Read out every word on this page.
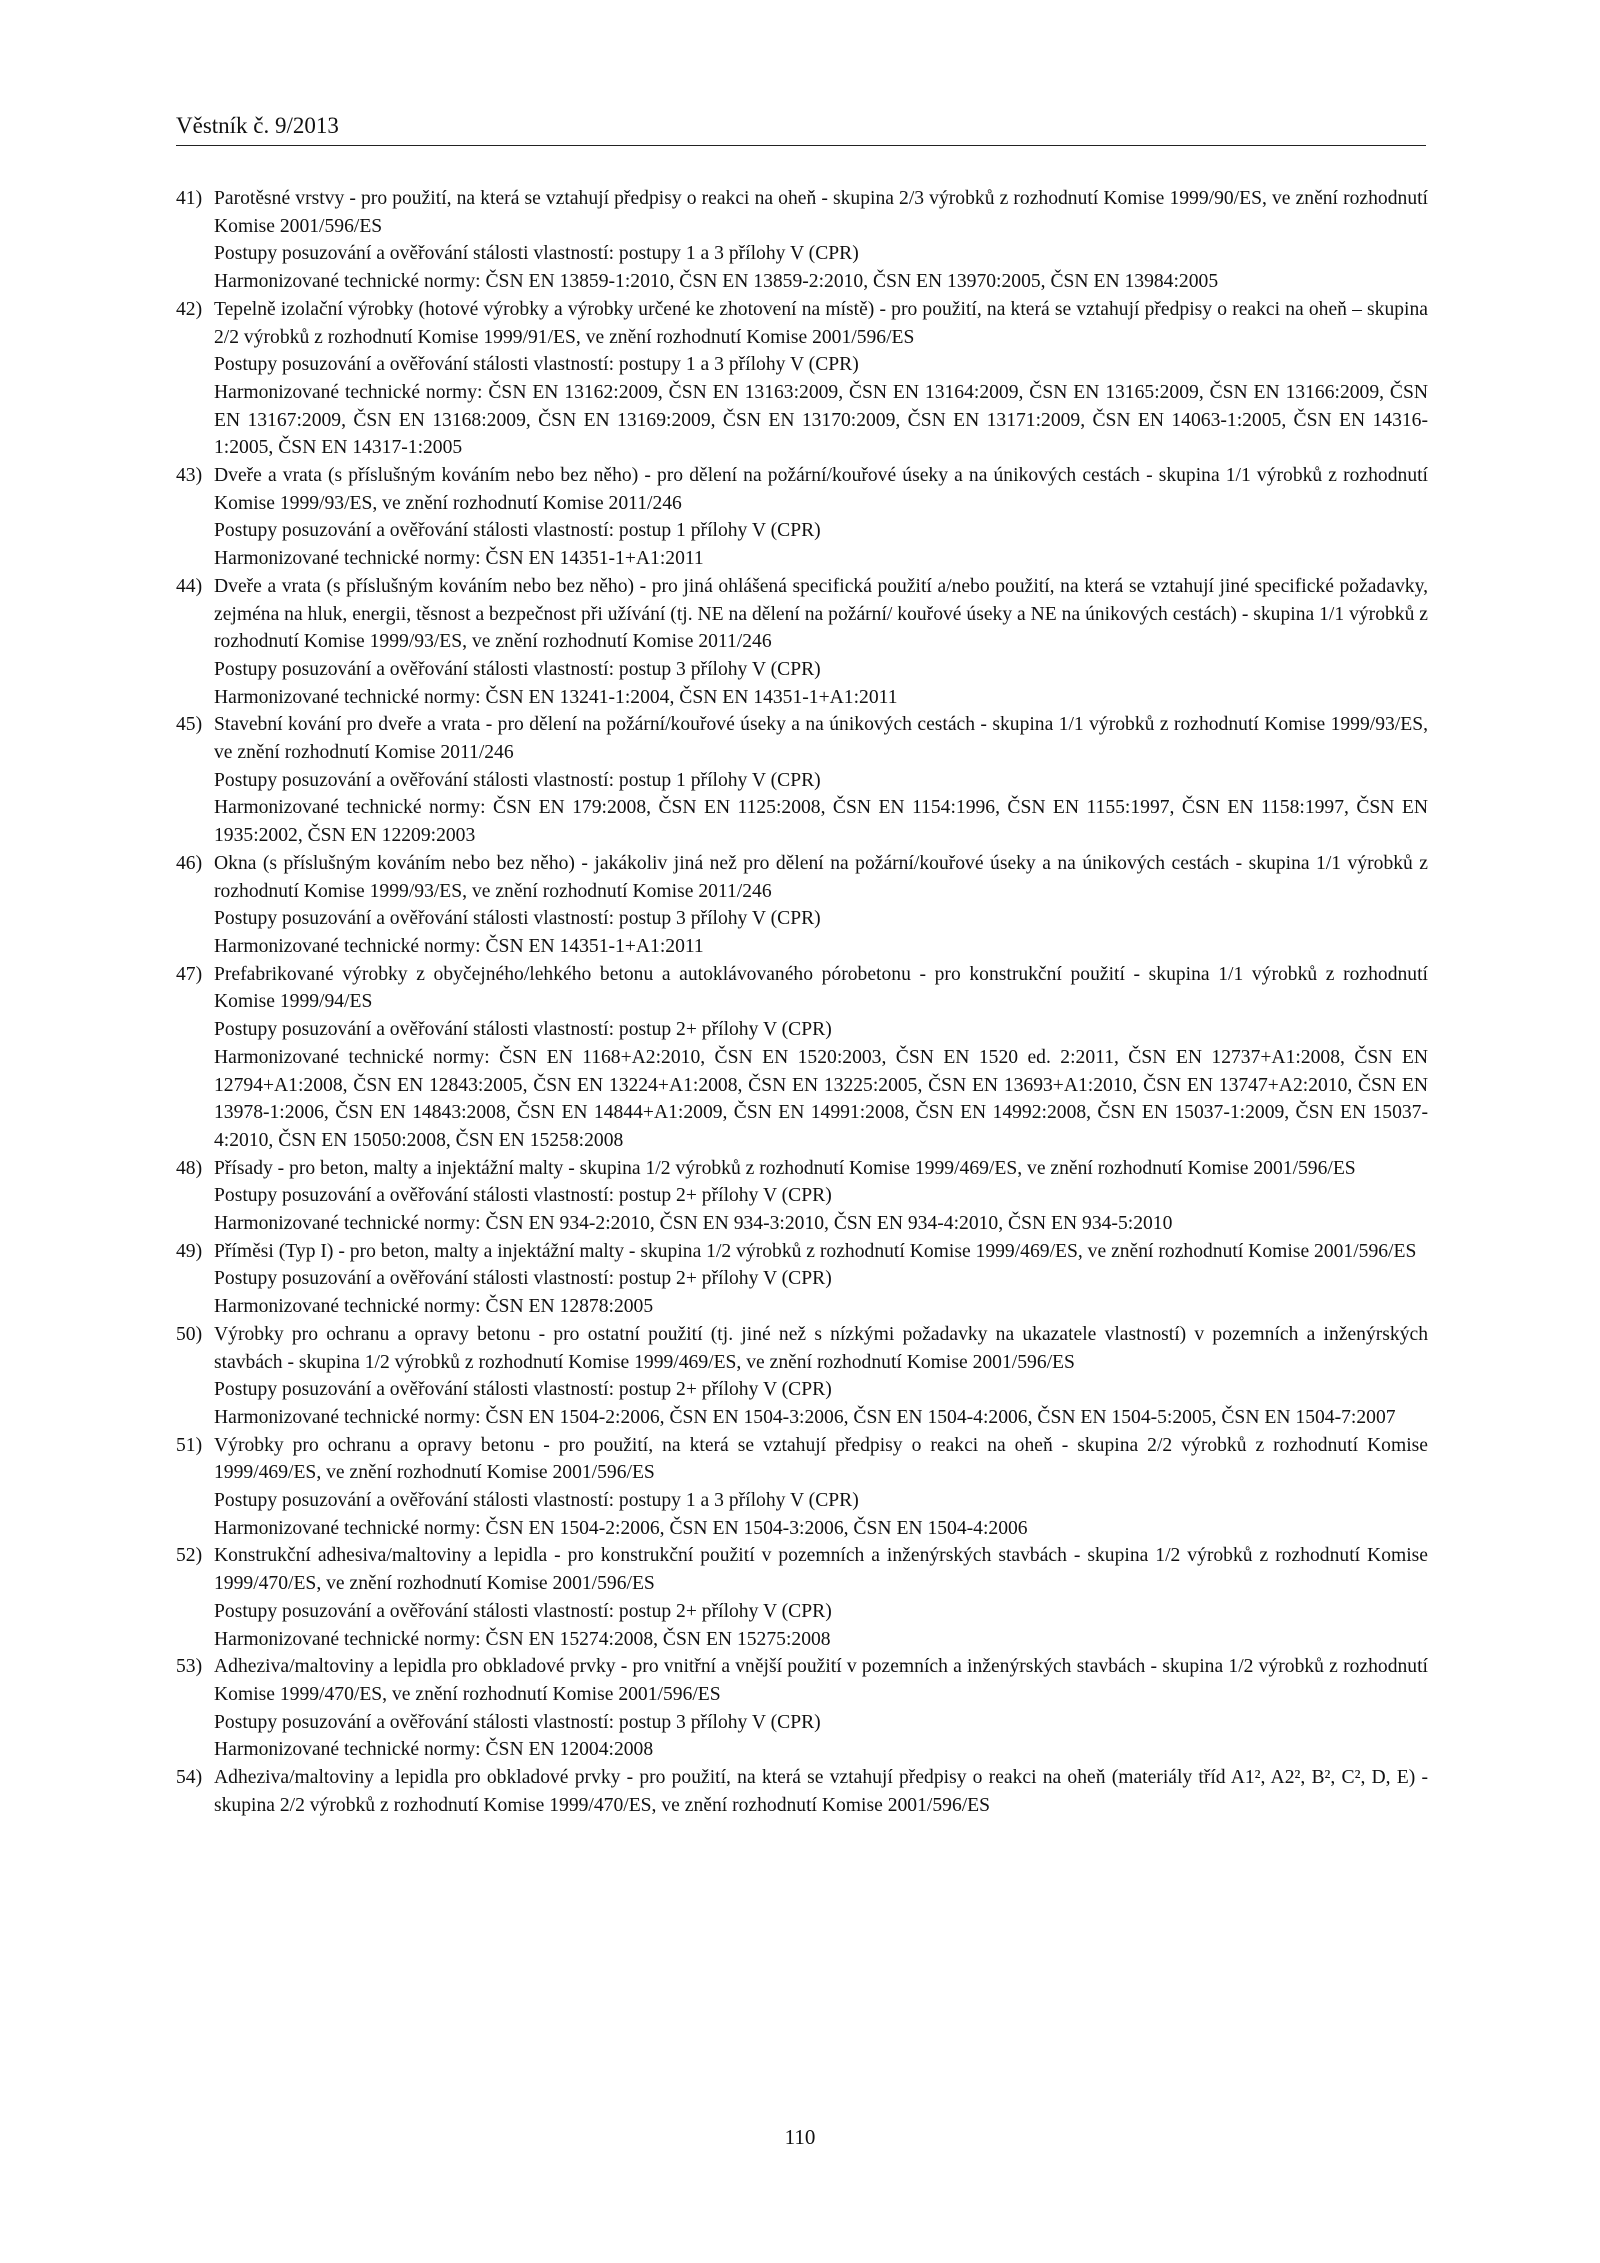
Věstník č. 9/2013
41) Parotěsné vrstvy - pro použití, na která se vztahují předpisy o reakci na oheň - skupina 2/3 výrobků z rozhodnutí Komise 1999/90/ES, ve znění rozhodnutí Komise 2001/596/ES
Postupy posuzování a ověřování stálosti vlastností: postupy 1 a 3 přílohy V (CPR)
Harmonizované technické normy: ČSN EN 13859-1:2010, ČSN EN 13859-2:2010, ČSN EN 13970:2005, ČSN EN 13984:2005
42) Tepelně izolační výrobky (hotové výrobky a výrobky určené ke zhotovení na místě) - pro použití, na která se vztahují předpisy o reakci na oheň – skupina 2/2 výrobků z rozhodnutí Komise 1999/91/ES, ve znění rozhodnutí Komise 2001/596/ES
Postupy posuzování a ověřování stálosti vlastností: postupy 1 a 3 přílohy V (CPR)
Harmonizované technické normy: ČSN EN 13162:2009, ČSN EN 13163:2009, ČSN EN 13164:2009, ČSN EN 13165:2009, ČSN EN 13166:2009, ČSN EN 13167:2009, ČSN EN 13168:2009, ČSN EN 13169:2009, ČSN EN 13170:2009, ČSN EN 13171:2009, ČSN EN 14063-1:2005, ČSN EN 14316-1:2005, ČSN EN 14317-1:2005
43) Dveře a vrata (s příslušným kováním nebo bez něho) - pro dělení na požární/kouřové úseky a na únikových cestách - skupina 1/1 výrobků z rozhodnutí Komise 1999/93/ES, ve znění rozhodnutí Komise 2011/246
Postupy posuzování a ověřování stálosti vlastností: postup 1 přílohy V (CPR)
Harmonizované technické normy: ČSN EN 14351-1+A1:2011
44) Dveře a vrata (s příslušným kováním nebo bez něho) - pro jiná ohlášená specifická použití a/nebo použití, na která se vztahují jiné specifické požadavky, zejména na hluk, energii, těsnost a bezpečnost při užívání (tj. NE na dělení na požární/ kouřové úseky a NE na únikových cestách) - skupina 1/1 výrobků z rozhodnutí Komise 1999/93/ES, ve znění rozhodnutí Komise 2011/246
Postupy posuzování a ověřování stálosti vlastností: postup 3 přílohy V (CPR)
Harmonizované technické normy: ČSN EN 13241-1:2004, ČSN EN 14351-1+A1:2011
45) Stavební kování pro dveře a vrata - pro dělení na požární/kouřové úseky a na únikových cestách - skupina 1/1 výrobků z rozhodnutí Komise 1999/93/ES, ve znění rozhodnutí Komise 2011/246
Postupy posuzování a ověřování stálosti vlastností: postup 1 přílohy V (CPR)
Harmonizované technické normy: ČSN EN 179:2008, ČSN EN 1125:2008, ČSN EN 1154:1996, ČSN EN 1155:1997, ČSN EN 1158:1997, ČSN EN 1935:2002, ČSN EN 12209:2003
46) Okna (s příslušným kováním nebo bez něho) - jakákoliv jiná než pro dělení na požární/kouřové úseky a na únikových cestách - skupina 1/1 výrobků z rozhodnutí Komise 1999/93/ES, ve znění rozhodnutí Komise 2011/246
Postupy posuzování a ověřování stálosti vlastností: postup 3 přílohy V (CPR)
Harmonizované technické normy: ČSN EN 14351-1+A1:2011
47) Prefabrikované výrobky z obyčejného/lehkého betonu a autoklávovaného pórobetonu - pro konstrukční použití - skupina 1/1 výrobků z rozhodnutí Komise 1999/94/ES
Postupy posuzování a ověřování stálosti vlastností: postup 2+ přílohy V (CPR)
Harmonizované technické normy: ČSN EN 1168+A2:2010, ČSN EN 1520:2003, ČSN EN 1520 ed. 2:2011, ČSN EN 12737+A1:2008, ČSN EN 12794+A1:2008, ČSN EN 12843:2005, ČSN EN 13224+A1:2008, ČSN EN 13225:2005, ČSN EN 13693+A1:2010, ČSN EN 13747+A2:2010, ČSN EN 13978-1:2006, ČSN EN 14843:2008, ČSN EN 14844+A1:2009, ČSN EN 14991:2008, ČSN EN 14992:2008, ČSN EN 15037-1:2009, ČSN EN 15037-4:2010, ČSN EN 15050:2008, ČSN EN 15258:2008
48) Přísady - pro beton, malty a injektážní malty - skupina 1/2 výrobků z rozhodnutí Komise 1999/469/ES, ve znění rozhodnutí Komise 2001/596/ES
Postupy posuzování a ověřování stálosti vlastností: postup 2+ přílohy V (CPR)
Harmonizované technické normy: ČSN EN 934-2:2010, ČSN EN 934-3:2010, ČSN EN 934-4:2010, ČSN EN 934-5:2010
49) Příměsi (Typ I) - pro beton, malty a injektážní malty - skupina 1/2 výrobků z rozhodnutí Komise 1999/469/ES, ve znění rozhodnutí Komise 2001/596/ES
Postupy posuzování a ověřování stálosti vlastností: postup 2+ přílohy V (CPR)
Harmonizované technické normy: ČSN EN 12878:2005
50) Výrobky pro ochranu a opravy betonu - pro ostatní použití (tj. jiné než s nízkými požadavky na ukazatele vlastností) v pozemních a inženýrských stavbách - skupina 1/2 výrobků z rozhodnutí Komise 1999/469/ES, ve znění rozhodnutí Komise 2001/596/ES
Postupy posuzování a ověřování stálosti vlastností: postup 2+ přílohy V (CPR)
Harmonizované technické normy: ČSN EN 1504-2:2006, ČSN EN 1504-3:2006, ČSN EN 1504-4:2006, ČSN EN 1504-5:2005, ČSN EN 1504-7:2007
51) Výrobky pro ochranu a opravy betonu - pro použití, na která se vztahují předpisy o reakci na oheň - skupina 2/2 výrobků z rozhodnutí Komise 1999/469/ES, ve znění rozhodnutí Komise 2001/596/ES
Postupy posuzování a ověřování stálosti vlastností: postupy 1 a 3 přílohy V (CPR)
Harmonizované technické normy: ČSN EN 1504-2:2006, ČSN EN 1504-3:2006, ČSN EN 1504-4:2006
52) Konstrukční adhesiva/maltoviny a lepidla - pro konstrukční použití v pozemních a inženýrských stavbách - skupina 1/2 výrobků z rozhodnutí Komise 1999/470/ES, ve znění rozhodnutí Komise 2001/596/ES
Postupy posuzování a ověřování stálosti vlastností: postup 2+ přílohy V (CPR)
Harmonizované technické normy: ČSN EN 15274:2008, ČSN EN 15275:2008
53) Adheziva/maltoviny a lepidla pro obkladové prvky - pro vnitřní a vnější použití v pozemních a inženýrských stavbách - skupina 1/2 výrobků z rozhodnutí Komise 1999/470/ES, ve znění rozhodnutí Komise 2001/596/ES
Postupy posuzování a ověřování stálosti vlastností: postup 3 přílohy V (CPR)
Harmonizované technické normy: ČSN EN 12004:2008
54) Adheziva/maltoviny a lepidla pro obkladové prvky - pro použití, na která se vztahují předpisy o reakci na oheň (materiály tříd A1², A2², B², C², D, E) - skupina 2/2 výrobků z rozhodnutí Komise 1999/470/ES, ve znění rozhodnutí Komise 2001/596/ES
110
